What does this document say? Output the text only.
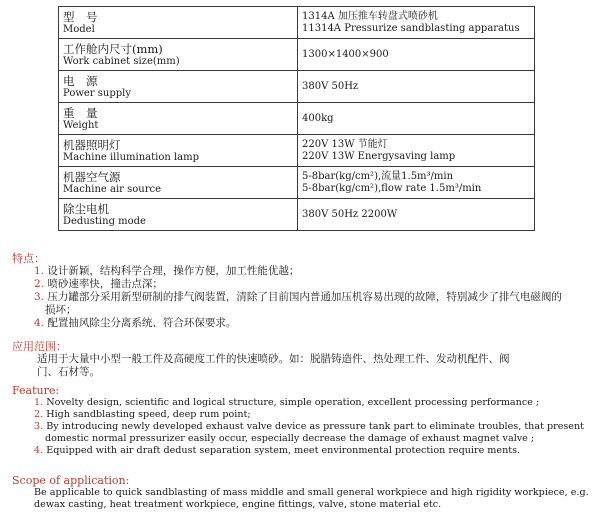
型　号
Model	1314A 加压推车转盘式喷砂机
11314A Pressurize sandblasting apparatus

工作舱内尺寸(mm)
Work cabinet size(mm)	1300×1400×900

电　源
Power supply	380V 50Hz

重　量
Weight	400kg

机器照明灯
Machine illumination lamp	220V 13W 节能灯
220V 13W Energysaving lamp

机器空气源
Machine air source	5-8bar(kg/cm²),流量1.5m³/min
5-8bar(kg/cm²),flow rate 1.5m³/min

除尘电机
Dedusting mode	380V 50Hz 2200W
特点：
1. 设计新颖，结构科学合理，操作方便，加工性能优越；
2. 喷砂速率快，撞击点深；
3. 压力罐部分采用新型研制的排气阀装置，清除了目前国内普通加压机容易出现的故障，特别减少了排气电磁阀的损坏；
4. 配置抽风除尘分离系统、符合环保要求。
应用范围：
适用于大量中小型一般工件及高硬度工件的快速喷砂。如：脱腊铸造件、热处理工件、发动机配件、阀门、石材等。
Feature:
1. Novelty design, scientific and logical structure, simple operation, excellent processing performance ;
2. High sandblasting speed, deep rum point;
3. By introducing newly developed exhaust valve device as pressure tank part to eliminate troubles, that present domestic normal pressurizer easily occur, especially decrease the damage of exhaust magnet valve ;
4. Equipped with air draft dedust separation system, meet environmental protection require ments.
Scope of application:
Be applicable to quick sandblasting of mass middle and small general workpiece and high rigidity workpiece, e.g. dewax casting, heat treatment workpiece, engine fittings, valve, stone material etc.
